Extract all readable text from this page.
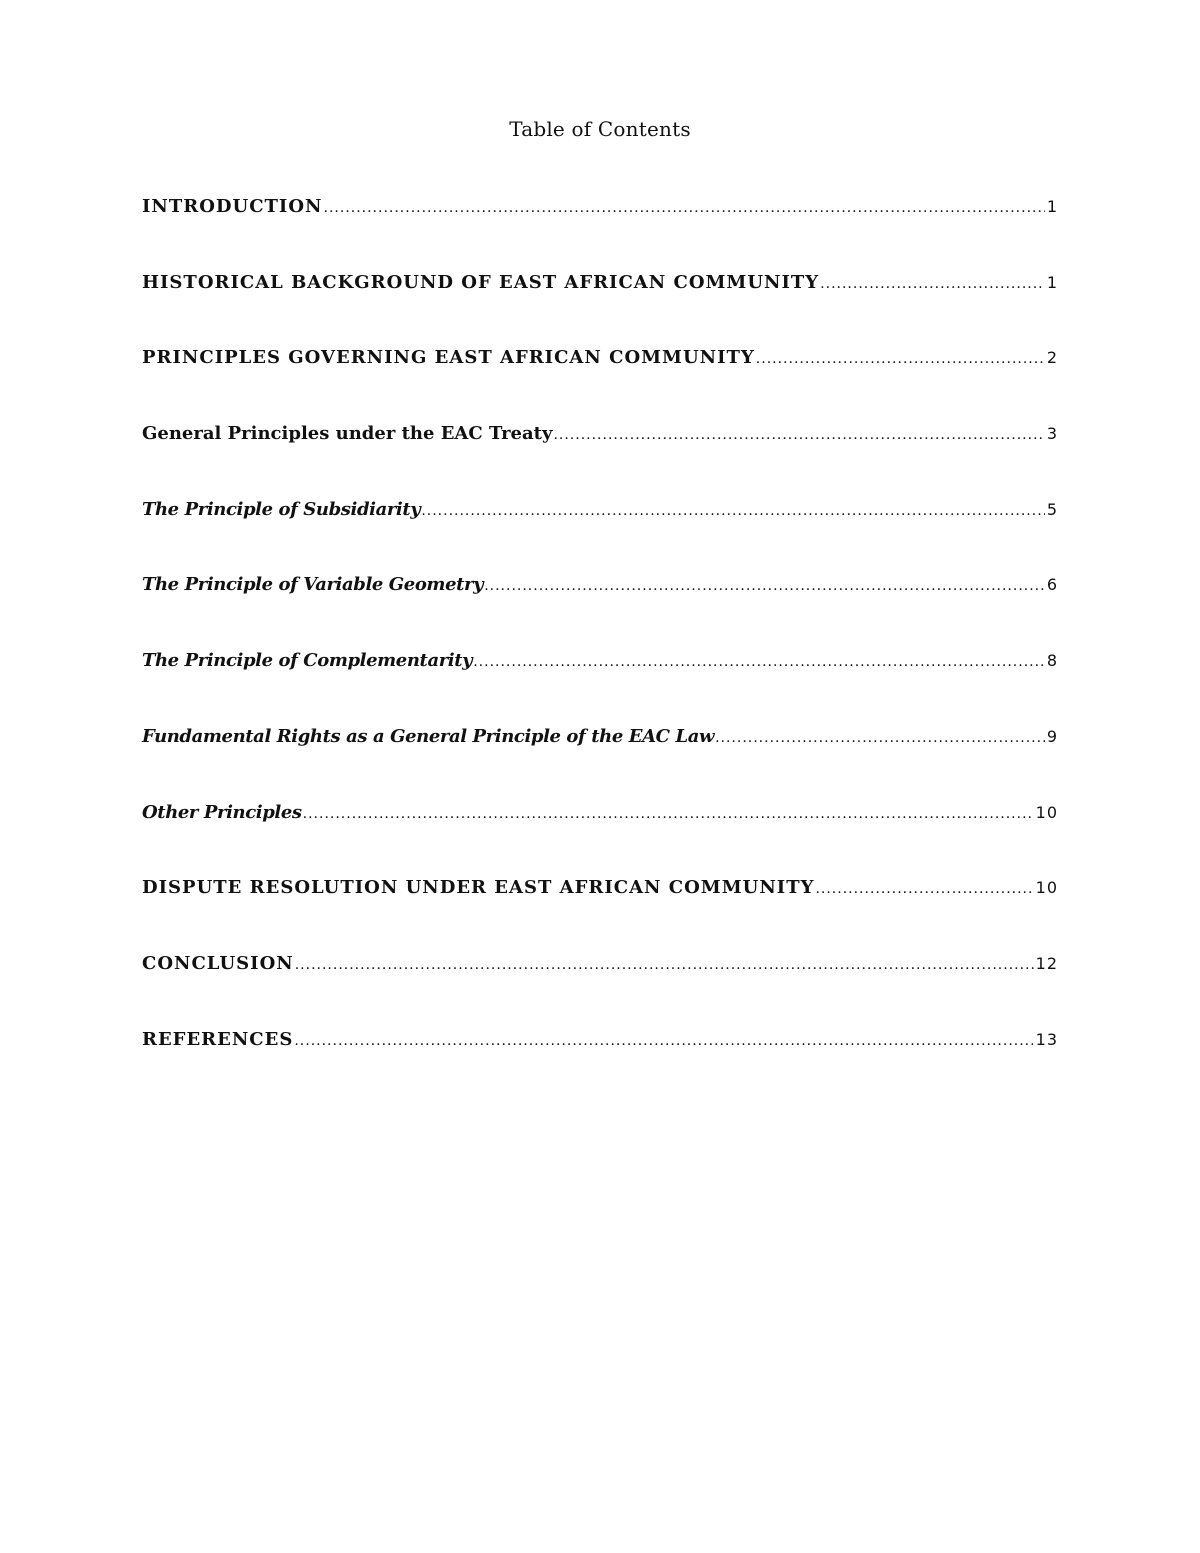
Table of Contents
INTRODUCTION .....	1
HISTORICAL BACKGROUND OF EAST AFRICAN COMMUNITY .....	1
PRINCIPLES GOVERNING EAST AFRICAN COMMUNITY .....	2
General Principles under the EAC Treaty .....	3
The Principle of Subsidiarity .....	5
The Principle of Variable Geometry .....	6
The Principle of Complementarity .....	8
Fundamental Rights as a General Principle of the EAC Law .....	9
Other Principles .....	10
DISPUTE RESOLUTION UNDER EAST AFRICAN COMMUNITY .....	10
CONCLUSION .....	12
REFERENCES .....	13
